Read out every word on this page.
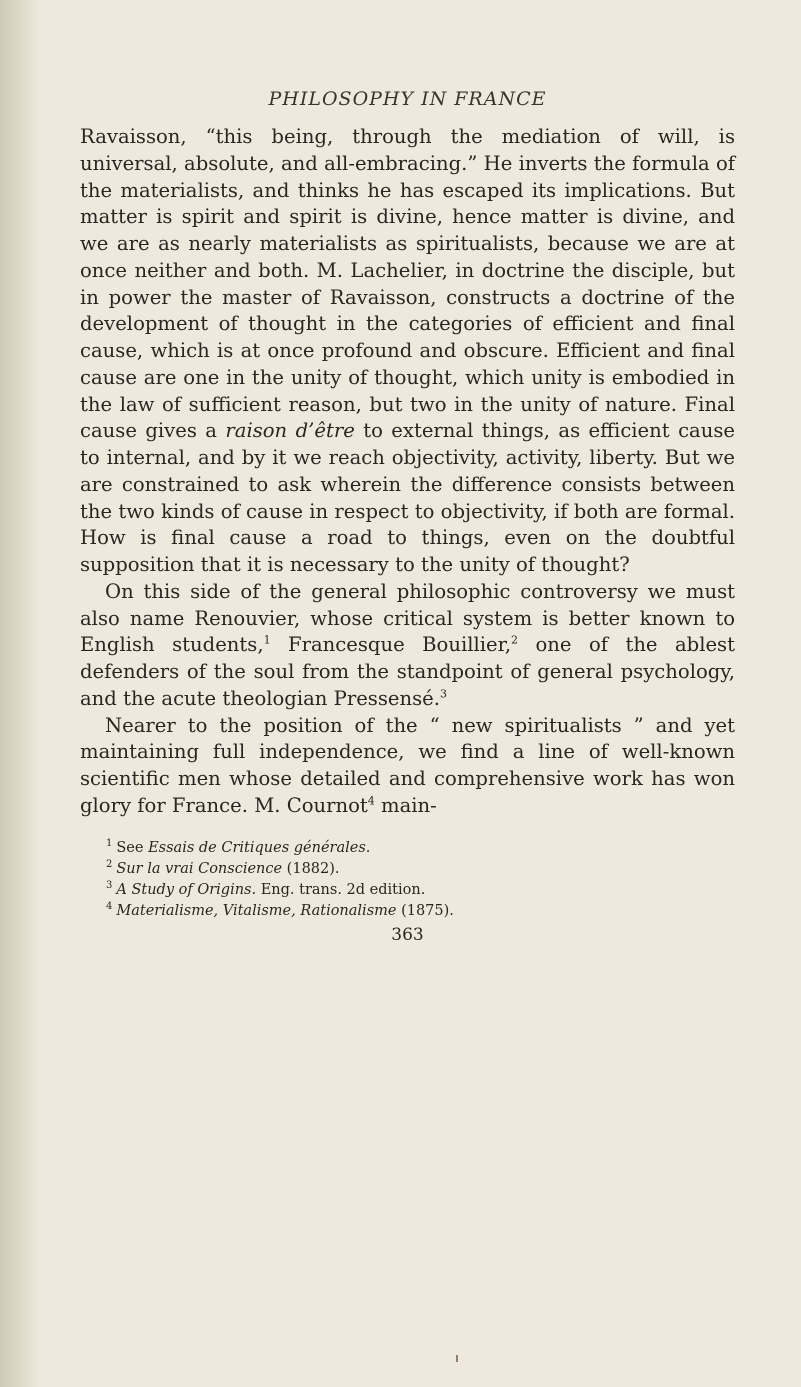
PHILOSOPHY IN FRANCE

Ravaisson, “this being, through the mediation of will, is universal, absolute, and all-embracing.” He inverts the formula of the materialists, and thinks he has escaped its implications. But matter is spirit and spirit is divine, hence matter is divine, and we are as nearly materialists as spiritualists, because we are at once neither and both. M. Lachelier, in doctrine the disciple, but in power the master of Ravaisson, constructs a doctrine of the development of thought in the categories of efficient and final cause, which is at once profound and obscure. Efficient and final cause are one in the unity of thought, which unity is embodied in the law of sufficient reason, but two in the unity of nature. Final cause gives a raison d’être to external things, as efficient cause to internal, and by it we reach objectivity, activity, liberty. But we are constrained to ask wherein the difference consists between the two kinds of cause in respect to objectivity, if both are formal. How is final cause a road to things, even on the doubtful supposition that it is necessary to the unity of thought?

On this side of the general philosophic controversy we must also name Renouvier, whose critical system is better known to English students,$^1$ Francesque Bouillier,$^2$ one of the ablest defenders of the soul from the standpoint of general psychology, and the acute theologian Pressensé.$^3$

Nearer to the position of the “ new spiritualists ” and yet maintaining full independence, we find a line of well-known scientific men whose detailed and comprehensive work has won glory for France. M. Cournot$^4$ main-

$^1$ See Essais de Critiques générales.
$^2$ Sur la vrai Conscience (1882).
$^3$ A Study of Origins. Eng. trans. 2d edition.
$^4$ Materialisme, Vitalisme, Rationalisme (1875).
363
